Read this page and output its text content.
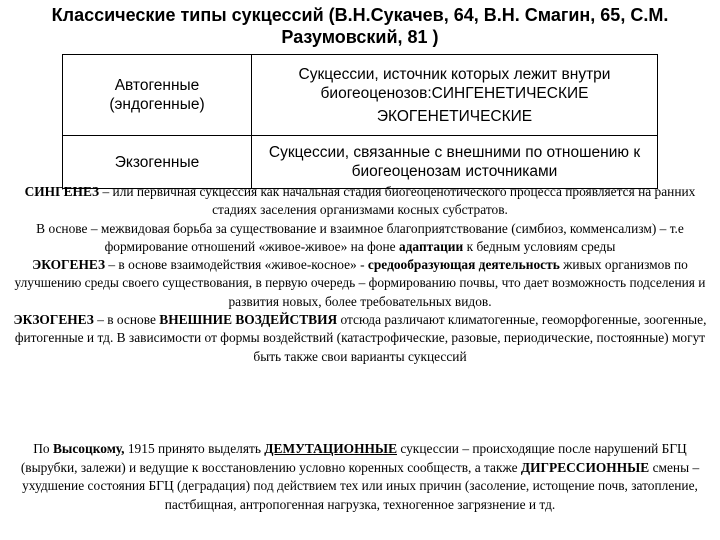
Классические типы сукцессий (В.Н.Сукачев, 64, В.Н. Смагин, 65, С.М. Разумовский, 81 )
Автогенные (эндогенные)	Сукцессии, источник которых лежит внутри биогеоценозов:СИНГЕНЕТИЧЕСКИЕ
ЭКОГЕНЕТИЧЕСКИЕ

Экзогенные	Сукцессии, связанные с внешними по отношению к биогеоценозам источниками

СИНГЕНЕЗ – или первичная сукцессия как начальная стадия биогеоценотического процесса проявляется на ранних стадиях заселения организмами косных субстратов.

В основе – межвидовая борьба за существование и взаимное благоприятствование (симбиоз, комменсализм) – т.е формирование отношений «живое-живое» на фоне адаптации к бедным условиям среды

ЭКОГЕНЕЗ – в основе взаимодействия «живое-косное» - средообразующая деятельность живых организмов по улучшению среды своего существования, в первую очередь – формированию почвы, что дает возможность подселения и развития новых, более требовательных видов.

ЭКЗОГЕНЕЗ – в основе ВНЕШНИЕ ВОЗДЕЙСТВИЯ отсюда различают климатогенные, геоморфогенные, зоогенные, фитогенные и тд. В зависимости от формы воздействий (катастрофические, разовые, периодические, постоянные) могут быть также свои варианты сукцессий

По Высоцкому, 1915 принято выделять ДЕМУТАЦИОННЫЕ сукцессии – происходящие после нарушений БГЦ (вырубки, залежи) и ведущие к восстановлению условно коренных сообществ, а также ДИГРЕССИОННЫЕ смены – ухудшение состояния БГЦ (деградация) под действием тех или иных причин (засоление, истощение почв, затопление, пастбищная, антропогенная нагрузка, техногенное загрязнение и тд.
